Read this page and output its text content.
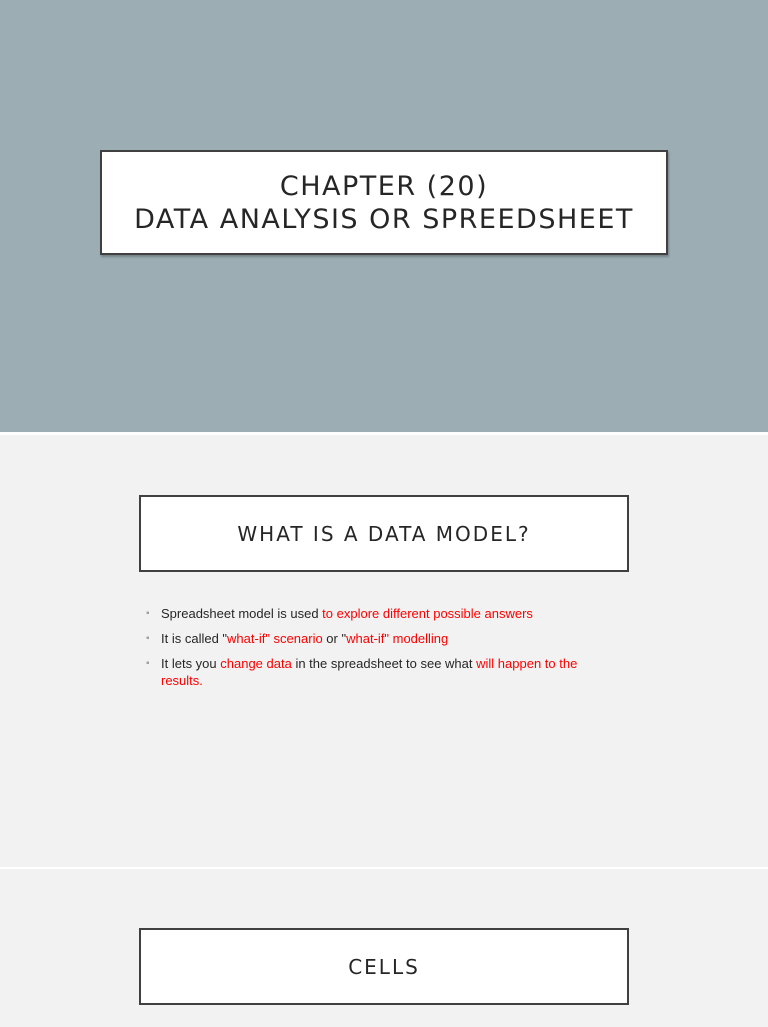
CHAPTER (20)
DATA ANALYSIS OR SPREEDSHEET
WHAT IS A DATA MODEL?
▪ Spreadsheet model is used to explore different possible answers
▪ It is called "what-if" scenario or "what-if" modelling
▪ It lets you change data in the spreadsheet to see what will happen to the results.
CELLS
